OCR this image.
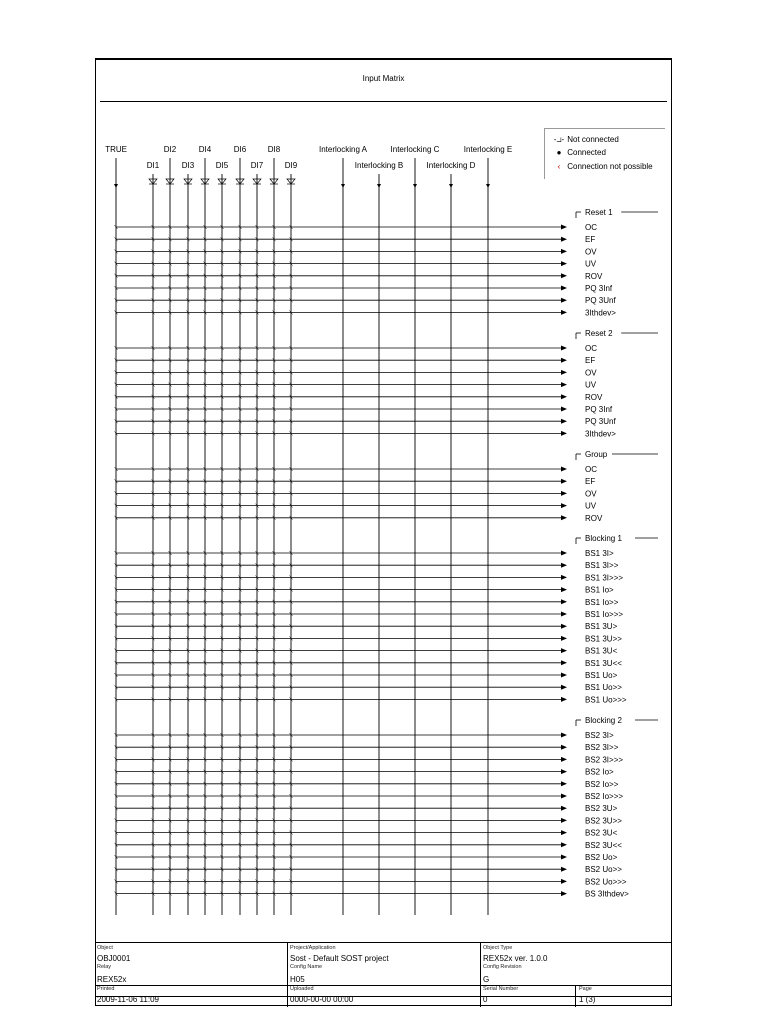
Input Matrix
Reset 1
OC
EF
OV
UV
ROV
PQ 3Inf
PQ 3Unf
3Ithdev>
Reset 2
OC
EF
OV
UV
ROV
PQ 3Inf
PQ 3Unf
3Ithdev>
Group
OC
EF
OV
UV
ROV
Blocking 1
BS1 3I>
BS1 3I>>
BS1 3I>>>
BS1 Io>
BS1 Io>>
BS1 Io>>>
BS1 3U>
BS1 3U>>
BS1 3U<
BS1 3U<<
BS1 Uo>
BS1 Uo>>
BS1 Uo>>>
Blocking 2
BS2 3I>
BS2 3I>>
BS2 3I>>>
BS2 Io>
BS2 Io>>
BS2 Io>>>
BS2 3U>
BS2 3U>>
BS2 3U<
BS2 3U<<
BS2 Uo>
BS2 Uo>>
BS2 Uo>>>
BS 3Ithdev>
TRUE
DI1
DI2
DI3
DI4
DI5
DI6
DI7
DI8
DI9
Interlocking A
Interlocking B
Interlocking C
Interlocking D
Interlocking E
-⯾- Not connected
● Connected
‹ Connection not possible
Object
OBJ0001
Relay
REX52x
Printed
2009-11-06 11:09
Project/Application
Sost - Default SOST project
Config Name
H05
Uploaded
0000-00-00 00:00
Object Type
REX52x ver. 1.0.0
Config Revision
G
Serial Number
0
Page
1 (3)
